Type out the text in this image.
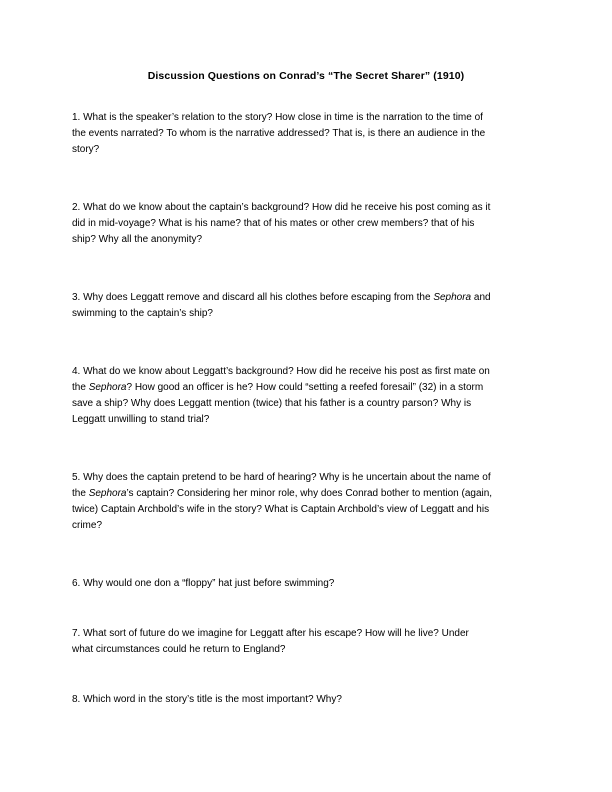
Discussion Questions on Conrad’s “The Secret Sharer” (1910)
1. What is the speaker’s relation to the story? How close in time is the narration to the time of
the events narrated? To whom is the narrative addressed? That is, is there an audience in the
story?
2. What do we know about the captain’s background? How did he receive his post coming as it
did in mid-voyage? What is his name? that of his mates or other crew members? that of his
ship? Why all the anonymity?
3. Why does Leggatt remove and discard all his clothes before escaping from the Sephora and
swimming to the captain’s ship?
4. What do we know about Leggatt’s background? How did he receive his post as first mate on
the Sephora? How good an officer is he? How could “setting a reefed foresail” (32) in a storm
save a ship? Why does Leggatt mention (twice) that his father is a country parson? Why is
Leggatt unwilling to stand trial?
5. Why does the captain pretend to be hard of hearing? Why is he uncertain about the name of
the Sephora’s captain? Considering her minor role, why does Conrad bother to mention (again,
twice) Captain Archbold’s wife in the story? What is Captain Archbold’s view of Leggatt and his
crime?
6. Why would one don a “floppy” hat just before swimming?
7. What sort of future do we imagine for Leggatt after his escape? How will he live? Under
what circumstances could he return to England?
8. Which word in the story’s title is the most important? Why?
